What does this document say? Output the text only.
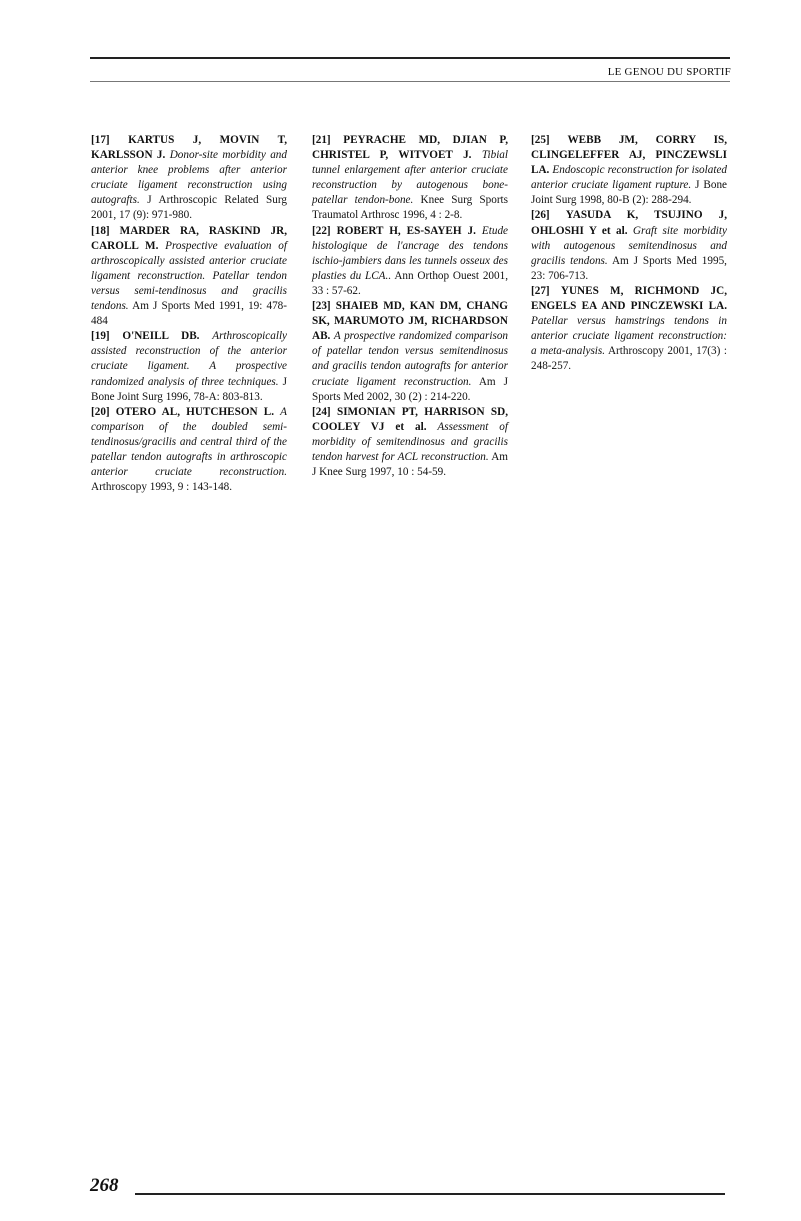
LE GENOU DU SPORTIF

[17] KARTUS J, MOVIN T, KARLSSON J. Donor-site morbidity and anterior knee problems after anterior cruciate ligament reconstruction using autografts. J Arthroscopic Related Surg 2001, 17 (9): 971-980.

[18] MARDER RA, RASKIND JR, CAROLL M. Prospective evaluation of arthroscopically assisted anterior cruciate ligament reconstruction. Patellar tendon versus semi-tendinosus and gracilis tendons. Am J Sports Med 1991, 19: 478-484

[19] O'NEILL DB. Arthroscopically assisted reconstruction of the anterior cruciate ligament. A prospective randomized analysis of three techniques. J Bone Joint Surg 1996, 78-A: 803-813.

[20] OTERO AL, HUTCHESON L. A comparison of the doubled semi-tendinosus/gracilis and central third of the patellar tendon autografts in arthroscopic anterior cruciate reconstruction. Arthroscopy 1993, 9 : 143-148.

[21] PEYRACHE MD, DJIAN P, CHRISTEL P, WITVOET J. Tibial tunnel enlargement after anterior cruciate reconstruction by autogenous bone-patellar tendon-bone. Knee Surg Sports Traumatol Arthrosc 1996, 4 : 2-8.

[22] ROBERT H, ES-SAYEH J. Etude histologique de l'ancrage des tendons ischio-jambiers dans les tunnels osseux des plasties du LCA.. Ann Orthop Ouest 2001, 33 : 57-62.

[23] SHAIEB MD, KAN DM, CHANG SK, MARUMOTO JM, RICHARDSON AB. A prospective randomized comparison of patellar tendon versus semitendinosus and gracilis tendon autografts for anterior cruciate ligament reconstruction. Am J Sports Med 2002, 30 (2) : 214-220.

[24] SIMONIAN PT, HARRISON SD, COOLEY VJ et al. Assessment of morbidity of semitendinosus and gracilis tendon harvest for ACL reconstruction. Am J Knee Surg 1997, 10 : 54-59.

[25] WEBB JM, CORRY IS, CLINGELEFFER AJ, PINCZEWSLI LA. Endoscopic reconstruction for isolated anterior cruciate ligament rupture. J Bone Joint Surg 1998, 80-B (2): 288-294.

[26] YASUDA K, TSUJINO J, OHLOSHI Y et al. Graft site morbidity with autogenous semitendinosus and gracilis tendons. Am J Sports Med 1995, 23: 706-713.

[27] YUNES M, RICHMOND JC, ENGELS EA AND PINCZEWSKI LA. Patellar versus hamstrings tendons in anterior cruciate ligament reconstruction: a meta-analysis. Arthroscopy 2001, 17(3) : 248-257.

268
